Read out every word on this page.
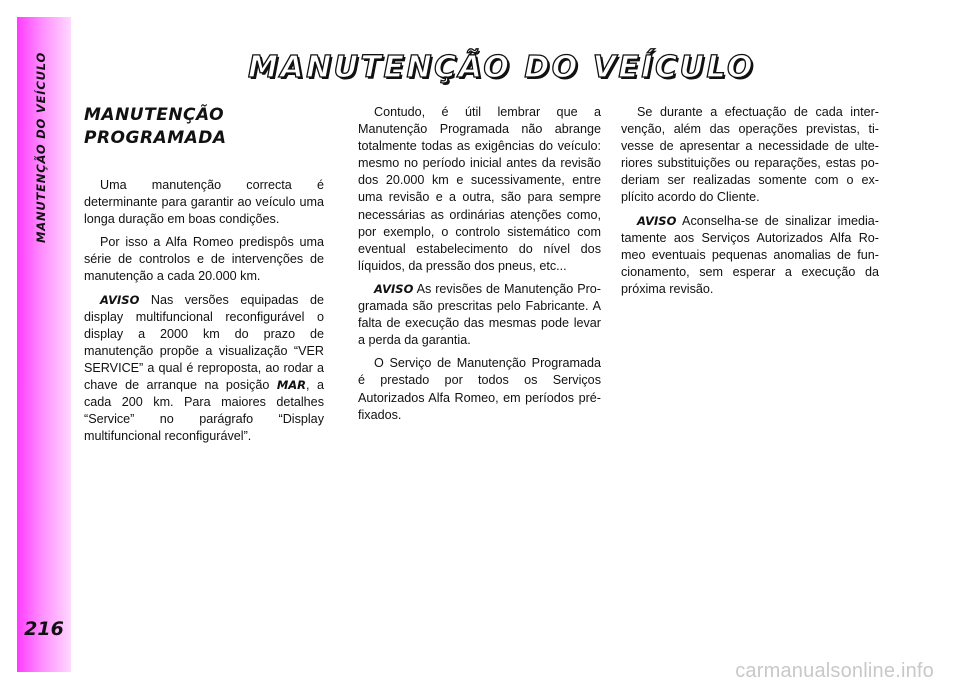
MANUTENÇÃO DO VEÍCULO
216
MANUTENÇÃO DO VEÍCULO
MANUTENÇÃO
PROGRAMADA

Uma manutenção correcta é determinante para garantir ao veículo uma longa duração em boas condições.

Por isso a Alfa Romeo predispôs uma série de controlos e de intervenções de manutenção a cada 20.000 km.

AVISO Nas versões equipadas de display multifuncional reconfigurável o display a 2000 km do prazo de manutenção propõe a visualização “VER SERVICE” a qual é reproposta, ao rodar a chave de arranque na posição MAR, a cada 200 km. Para maiores detalhes “Service” no parágrafo “Display multifuncional reconfigurável”.

Contudo, é útil lembrar que a Manutenção Programada não abrange totalmente todas as exigências do veículo: mesmo no período inicial antes da revisão dos 20.000 km e sucessivamente, entre uma revisão e a outra, são para sempre necessárias as ordinárias atenções como, por exemplo, o controlo sistemático com eventual estabelecimento do nível dos líquidos, da pressão dos pneus, etc...

AVISO As revisões de Manutenção Programada são prescritas pelo Fabricante. A falta de execução das mesmas pode levar a perda da garantia.

O Serviço de Manutenção Programada é prestado por todos os Serviços Autorizados Alfa Romeo, em períodos pré-fixados.

Se durante a efectuação de cada intervenção, além das operações previstas, tivesse de apresentar a necessidade de ulteriores substituições ou reparações, estas poderiam ser realizadas somente com o explícito acordo do Cliente.

AVISO Aconselha-se de sinalizar imediatamente aos Serviços Autorizados Alfa Romeo eventuais pequenas anomalias de funcionamento, sem esperar a execução da próxima revisão.

carmanualsonline.info
